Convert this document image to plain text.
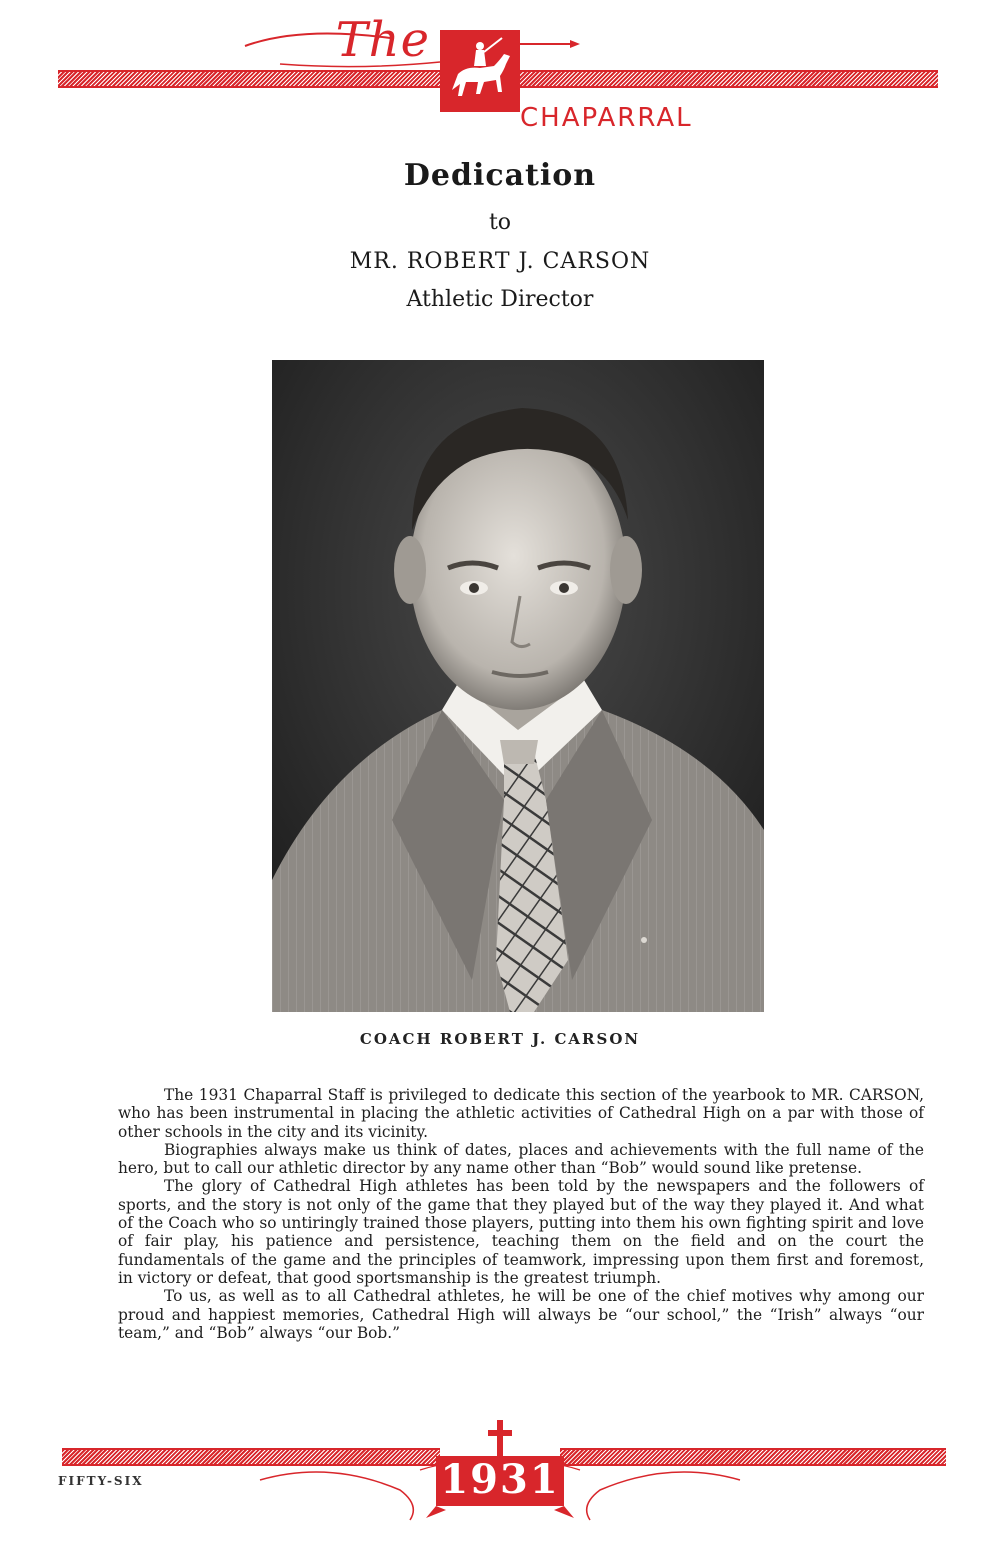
The
CHAPARRAL
Dedication
to
MR. ROBERT J. CARSON
Athletic Director
COACH ROBERT J. CARSON

The 1931 Chaparral Staff is privileged to dedicate this section of the yearbook to MR. CARSON, who has been instrumental in placing the athletic activities of Cathedral High on a par with those of other schools in the city and its vicinity.

Biographies always make us think of dates, places and achievements with the full name of the hero, but to call our athletic director by any name other than “Bob” would sound like pretense.

The glory of Cathedral High athletes has been told by the newspapers and the followers of sports, and the story is not only of the game that they played but of the way they played it. And what of the Coach who so untiringly trained those players, putting into them his own fighting spirit and love of fair play, his patience and persistence, teaching them on the field and on the court the fundamentals of the game and the principles of teamwork, impressing upon them first and foremost, in victory or defeat, that good sportsmanship is the greatest triumph.

To us, as well as to all Cathedral athletes, he will be one of the chief motives why among our proud and happiest memories, Cathedral High will always be “our school,” the “Irish” always “our team,” and “Bob” always “our Bob.”

1931
FIFTY-SIX
